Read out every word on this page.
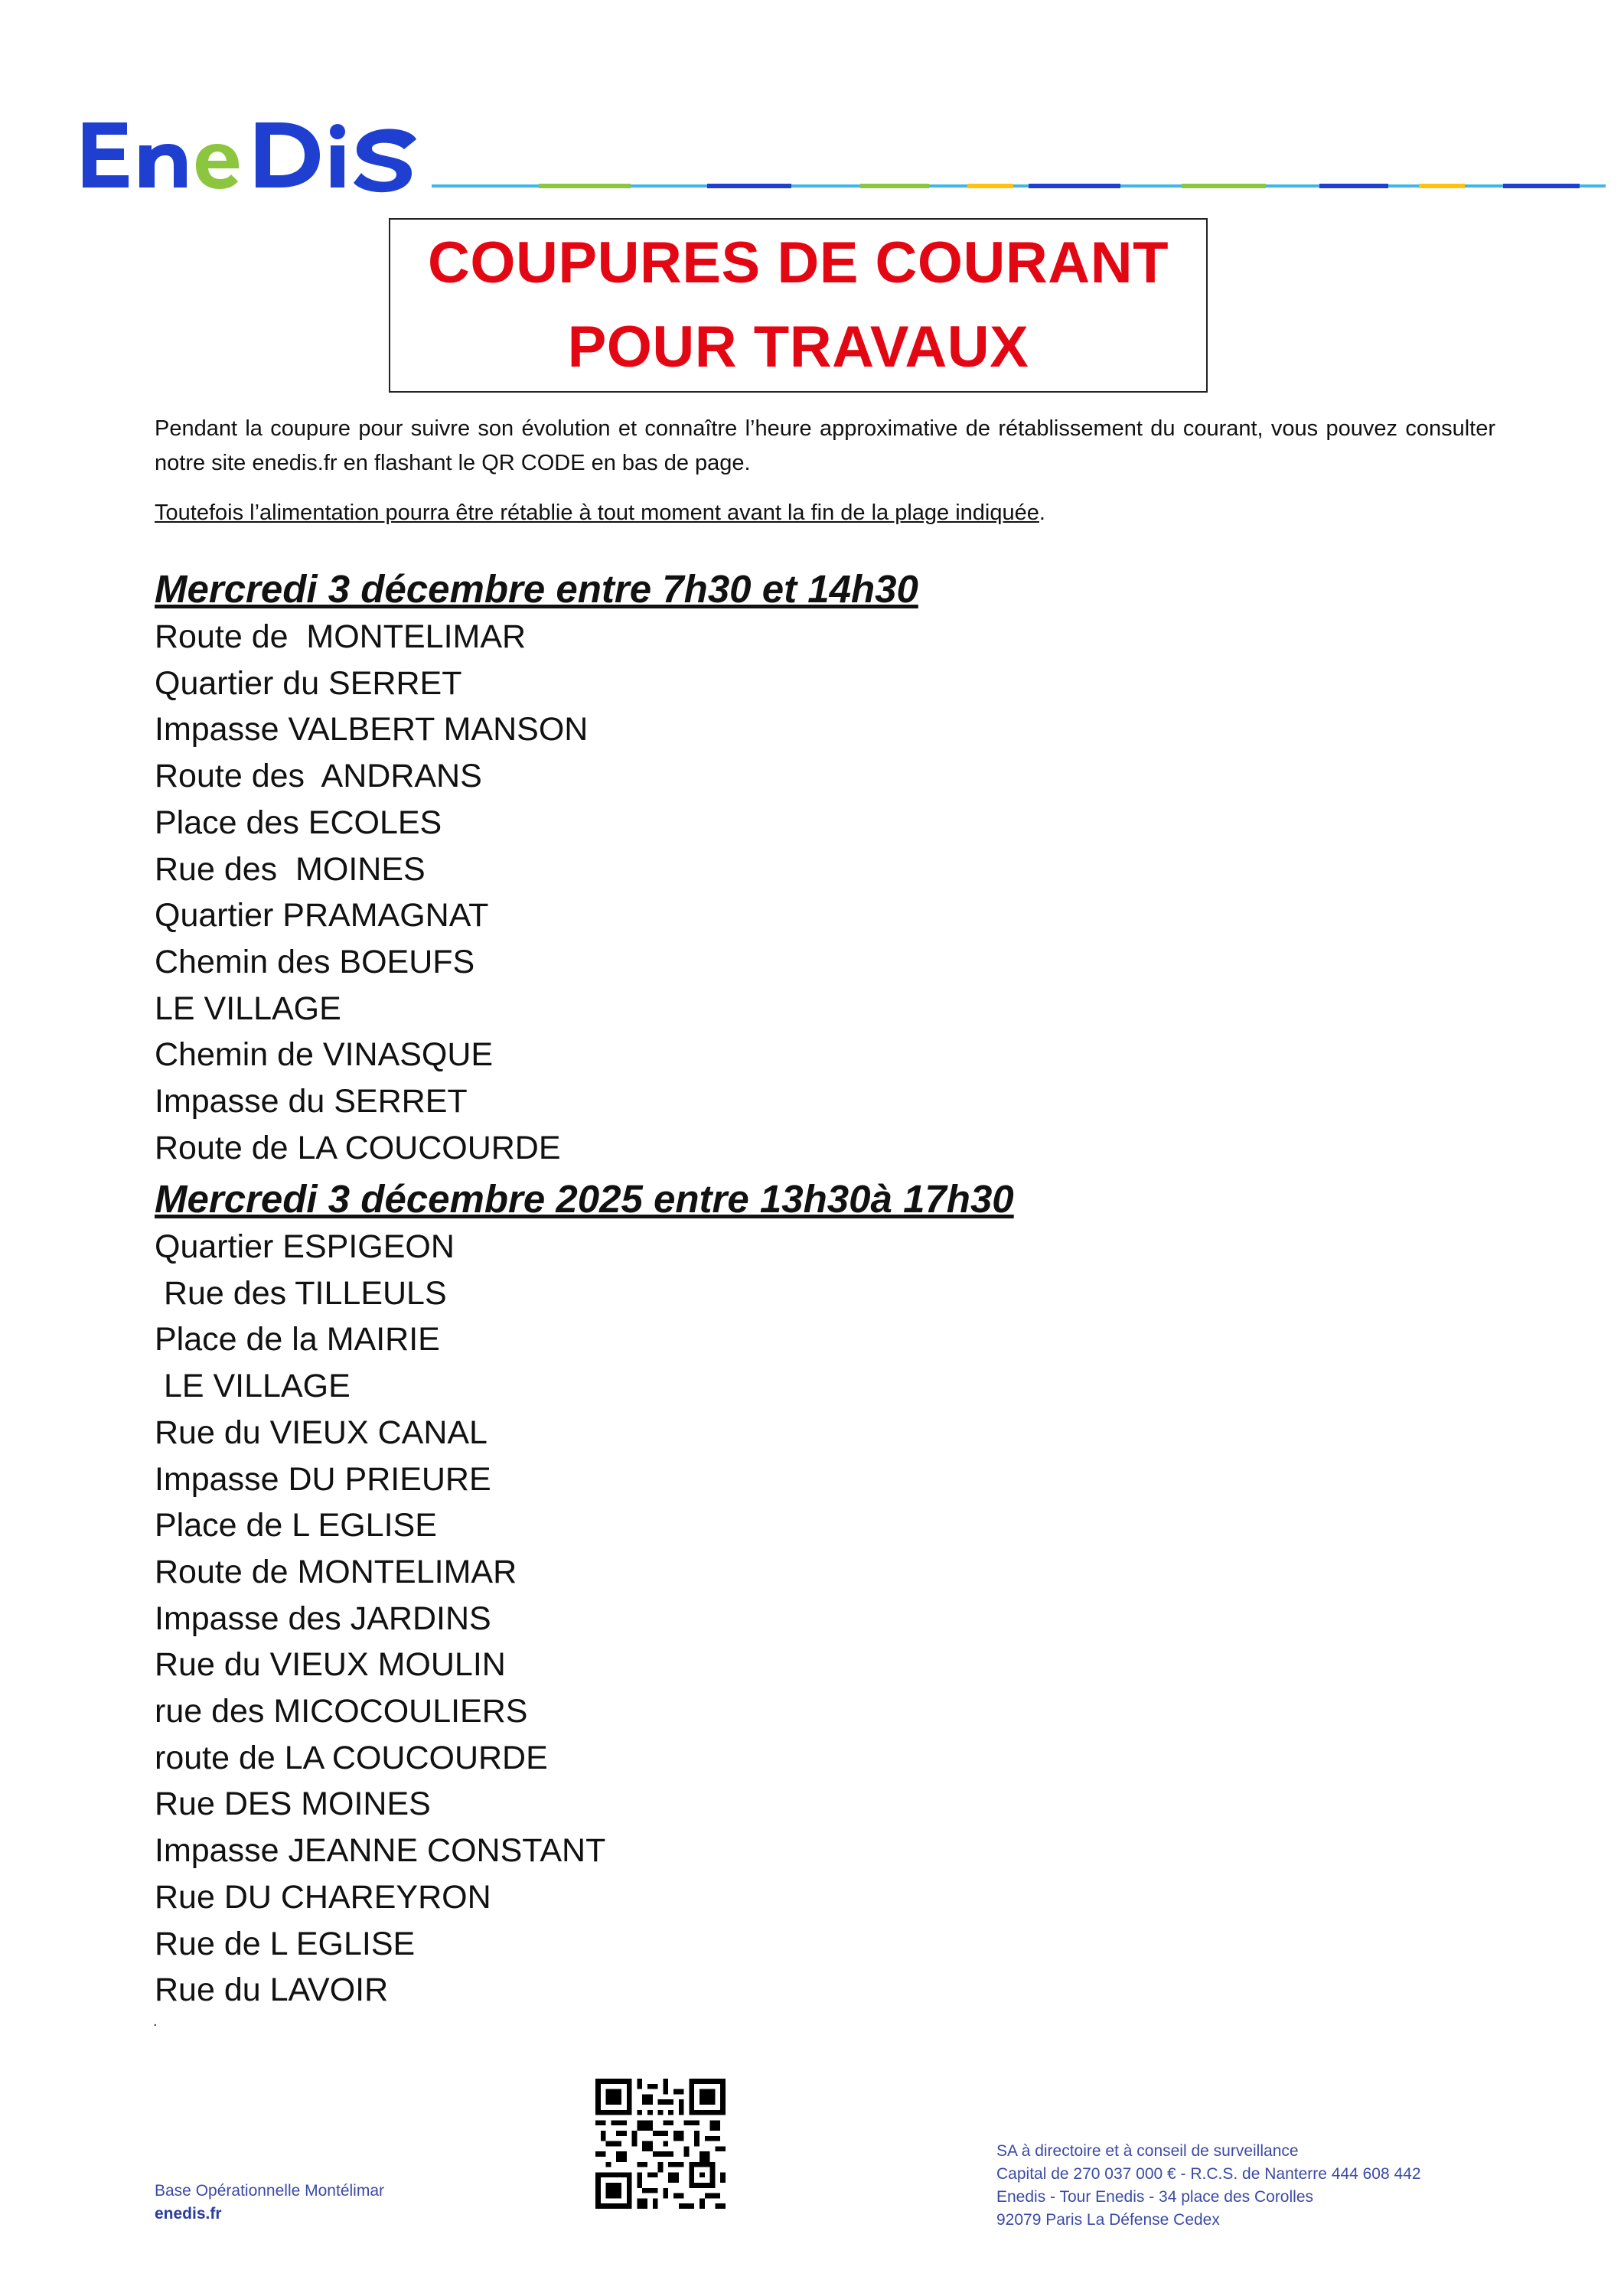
COUPURES DE COURANT
POUR TRAVAUX
Pendant la coupure pour suivre son évolution et connaître l’heure approximative de rétablissement du courant, vous pouvez consulter notre site enedis.fr en flashant le QR CODE en bas de page.
Toutefois l’alimentation pourra être rétablie à tout moment avant la fin de la plage indiquée.
Mercredi 3 décembre entre 7h30 et 14h30
Route de  MONTELIMAR
Quartier du SERRET
Impasse VALBERT MANSON
Route des  ANDRANS
Place des ECOLES
Rue des  MOINES
Quartier PRAMAGNAT
Chemin des BOEUFS
LE VILLAGE
Chemin de VINASQUE
Impasse du SERRET
Route de LA COUCOURDE
Mercredi 3 décembre 2025 entre 13h30à 17h30
Quartier ESPIGEON
Rue des TILLEULS
Place de la MAIRIE
LE VILLAGE
Rue du VIEUX CANAL
Impasse DU PRIEURE
Place de L EGLISE
Route de MONTELIMAR
Impasse des JARDINS
Rue du VIEUX MOULIN
rue des MICOCOULIERS
route de LA COUCOURDE
Rue DES MOINES
Impasse JEANNE CONSTANT
Rue DU CHAREYRON
Rue de L EGLISE
Rue du LAVOIR
.
Base Opérationnelle Montélimar
enedis.fr
SA à directoire et à conseil de surveillance
Capital de 270 037 000 € - R.C.S. de Nanterre 444 608 442
Enedis - Tour Enedis - 34 place des Corolles
92079 Paris La Défense Cedex
